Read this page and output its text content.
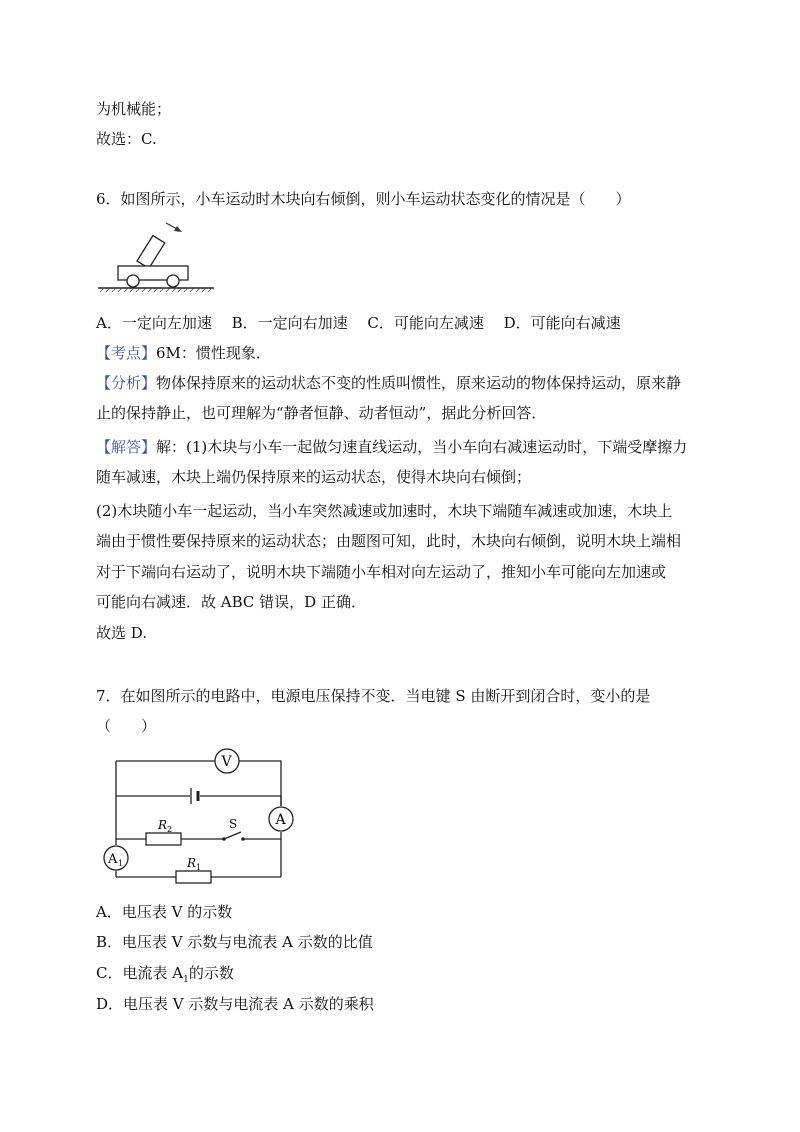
为机械能；
故选：C.
6．如图所示，小车运动时木块向右倾倒，则小车运动状态变化的情况是（　　）
A．一定向左加速　 B．一定向右加速　 C．可能向左减速　 D．可能向右减速
【考点】6M：惯性现象．
【分析】物体保持原来的运动状态不变的性质叫惯性，原来运动的物体保持运动，原来静
止的保持静止，也可理解为“静者恒静、动者恒动”，据此分析回答．
【解答】解：(1)木块与小车一起做匀速直线运动，当小车向右减速运动时，下端受摩擦力
随车减速，木块上端仍保持原来的运动状态，使得木块向右倾倒；
(2)木块随小车一起运动，当小车突然减速或加速时，木块下端随车减速或加速，木块上
端由于惯性要保持原来的运动状态；由题图可知，此时，木块向右倾倒，说明木块上端相
对于下端向右运动了，说明木块下端随小车相对向左运动了，推知小车可能向左加速或
可能向右减速．故 ABC 错误，D 正确．
故选 D.
7．在如图所示的电路中，电源电压保持不变．当电键 S 由断开到闭合时，变小的是
（　　）
V
A
A 1
R 2	S
R 1
A．电压表 V 的示数
B．电压表 V 示数与电流表 A 示数的比值
C．电流表 $A_1$的示数
D．电压表 V 示数与电流表 A 示数的乘积
